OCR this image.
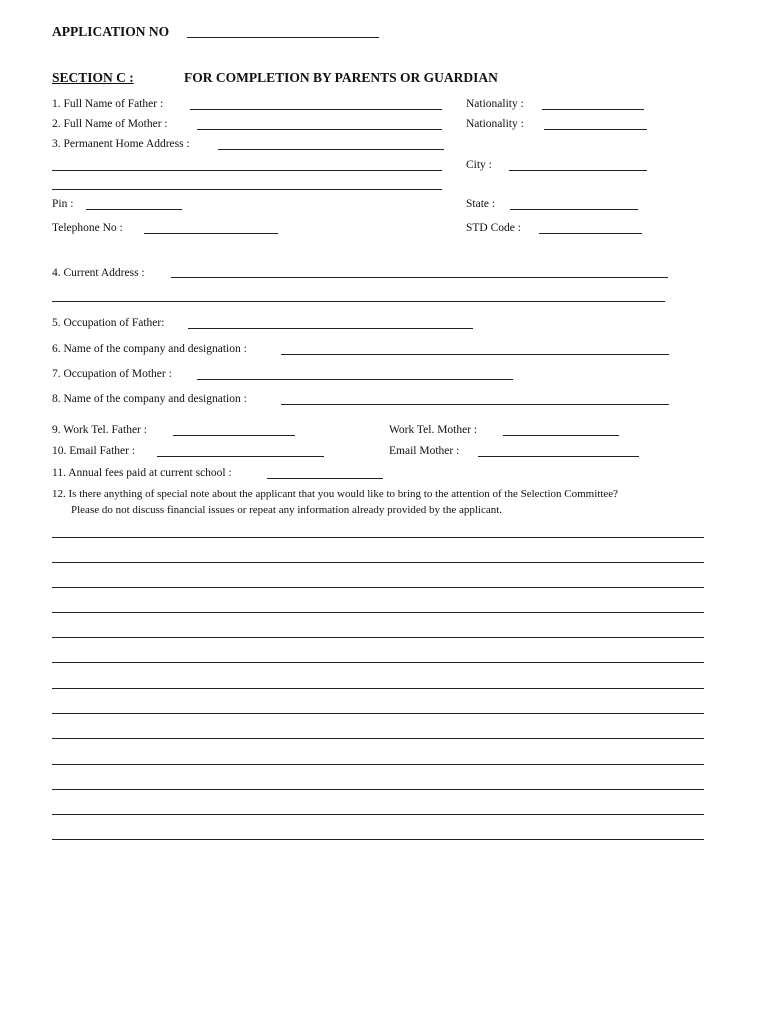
APPLICATION NO
SECTION C :	FOR COMPLETION BY PARENTS OR GUARDIAN
1. Full Name of Father :	Nationality :
2. Full Name of Mother :	Nationality :
3. Permanent Home Address :
City :
Pin :	State :
Telephone No :	STD Code :
4. Current Address :
5. Occupation of Father:
6. Name of the company and designation :
7. Occupation of Mother :
8. Name of the company and designation :
9. Work Tel. Father :	Work Tel. Mother :
10. Email Father :	Email Mother :
11. Annual fees paid at current school :
12. Is there anything of special note about the applicant that you would like to bring to the attention of the Selection Committee?
Please do not discuss financial issues or repeat any information already provided by the applicant.
